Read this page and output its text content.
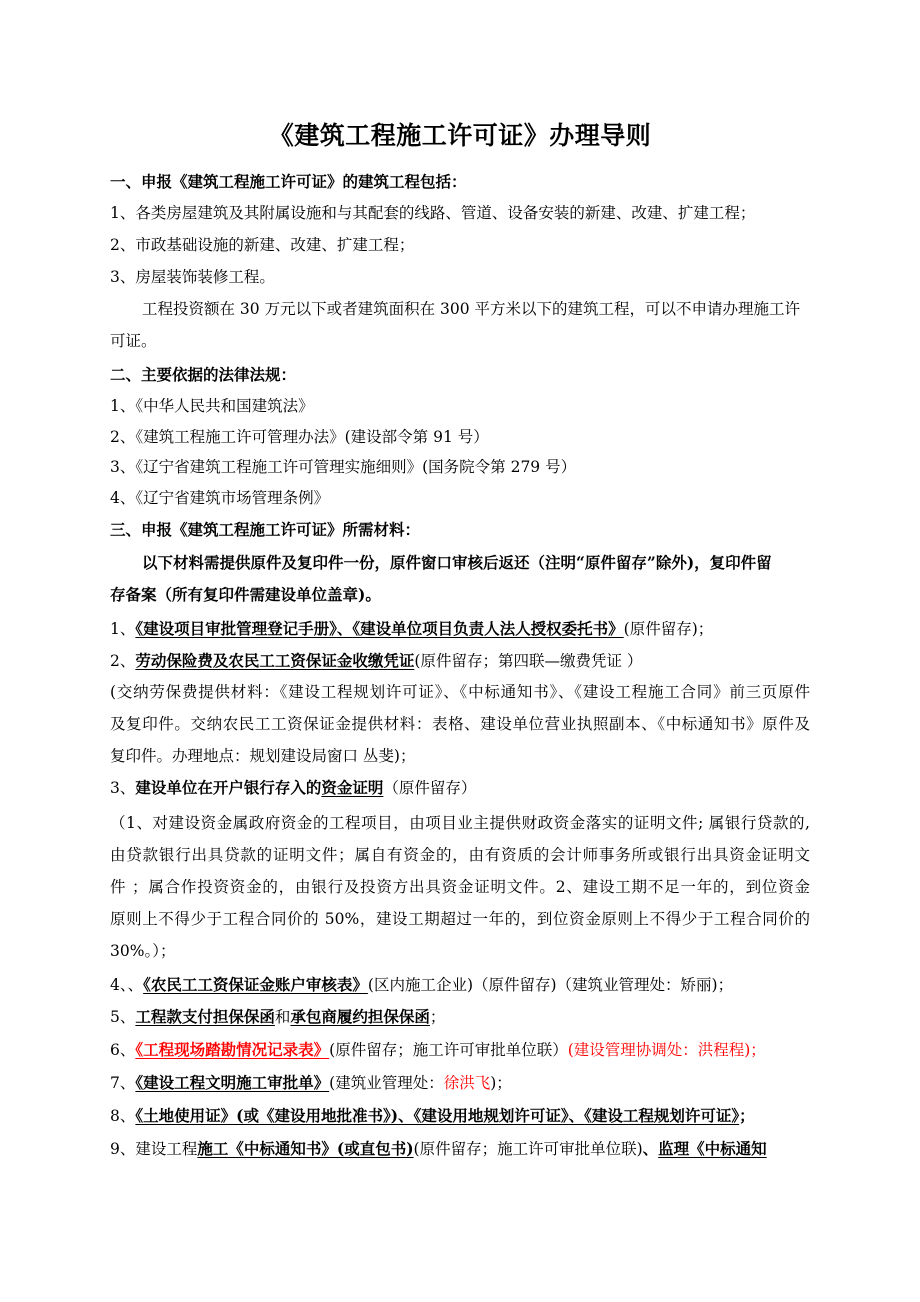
《建筑工程施工许可证》办理导则
一、申报《建筑工程施工许可证》的建筑工程包括：
1、各类房屋建筑及其附属设施和与其配套的线路、管道、设备安装的新建、改建、扩建工程；
2、市政基础设施的新建、改建、扩建工程；
3、房屋装饰装修工程。
工程投资额在 30 万元以下或者建筑面积在 300 平方米以下的建筑工程，可以不申请办理施工许
可证。
二、主要依据的法律法规：
1、《中华人民共和国建筑法》
2、《建筑工程施工许可管理办法》(建设部令第 91 号）
3、《辽宁省建筑工程施工许可管理实施细则》(国务院令第 279 号）
4、《辽宁省建筑市场管理条例》
三、申报《建筑工程施工许可证》所需材料：
以下材料需提供原件及复印件一份，原件窗口审核后返还（注明“原件留存”除外)，复印件留
存备案（所有复印件需建设单位盖章)。
1、《建设项目审批管理登记手册》、《建设单位项目负责人法人授权委托书》(原件留存)；
2、劳动保险费及农民工工资保证金收缴凭证(原件留存；第四联—缴费凭证 ）
(交纳劳保费提供材料：《建设工程规划许可证》、《中标通知书》、《建设工程施工合同》前三页原件
及复印件。交纳农民工工资保证金提供材料：表格、建设单位营业执照副本、《中标通知书》原件及
复印件。办理地点：规划建设局窗口 丛斐)；
3、建设单位在开户银行存入的资金证明（原件留存）
（1、对建设资金属政府资金的工程项目，由项目业主提供财政资金落实的证明文件; 属银行贷款的,
由贷款银行出具贷款的证明文件；属自有资金的，由有资质的会计师事务所或银行出具资金证明文
件 ；属合作投资资金的，由银行及投资方出具资金证明文件。2、建设工期不足一年的，到位资金
原则上不得少于工程合同价的 50%，建设工期超过一年的，到位资金原则上不得少于工程合同价的
30%。）；
4、、《农民工工资保证金账户审核表》(区内施工企业)（原件留存)（建筑业管理处：矫丽)；
5、工程款支付担保保函和承包商履约担保保函；
6、《工程现场踏勘情况记录表》(原件留存；施工许可审批单位联）(建设管理协调处：洪程程)；
7、《建设工程文明施工审批单》(建筑业管理处：徐洪飞)；
8、《土地使用证》(或《建设用地批准书》)、《建设用地规划许可证》、《建设工程规划许可证》；
9、建设工程施工《中标通知书》(或直包书)(原件留存；施工许可审批单位联)、监理《中标通知
